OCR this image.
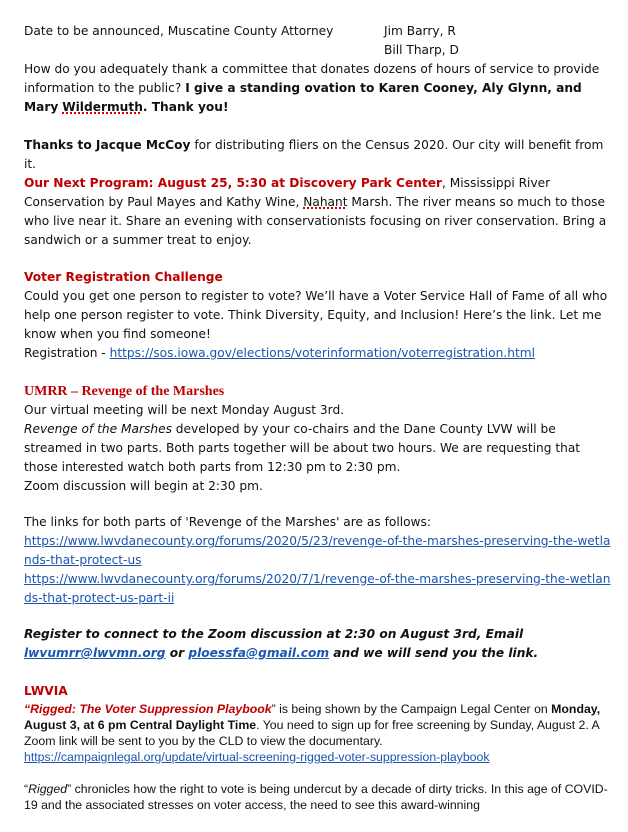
Date to be announced, Muscatine County Attorney	Jim Barry, R

Bill Tharp, D

How do you adequately thank a committee that donates dozens of hours of service to provide information to the public? I give a standing ovation to Karen Cooney, Aly Glynn, and Mary Wildermuth. Thank you!

Thanks to Jacque McCoy for distributing fliers on the Census 2020. Our city will benefit from it.

Our Next Program: August 25, 5:30 at Discovery Park Center, Mississippi River Conservation by Paul Mayes and Kathy Wine, Nahant Marsh. The river means so much to those who live near it. Share an evening with conservationists focusing on river conservation. Bring a sandwich or a summer treat to enjoy.

Voter Registration Challenge

Could you get one person to register to vote? We’ll have a Voter Service Hall of Fame of all who help one person register to vote. Think Diversity, Equity, and Inclusion! Here’s the link. Let me know when you find someone!

Registration - https://sos.iowa.gov/elections/voterinformation/voterregistration.html

UMRR – Revenge of the Marshes

Our virtual meeting will be next Monday August 3rd.

Revenge of the Marshes developed by your co-chairs and the Dane County LVW will be streamed in two parts. Both parts together will be about two hours. We are requesting that those interested watch both parts from 12:30 pm to 2:30 pm.

Zoom discussion will begin at 2:30 pm.

The links for both parts of 'Revenge of the Marshes' are as follows:

https://www.lwvdanecounty.org/forums/2020/5/23/revenge-of-the-marshes-preserving-the-wetlands-that-protect-us

https://www.lwvdanecounty.org/forums/2020/7/1/revenge-of-the-marshes-preserving-the-wetlands-that-protect-us-part-ii

Register to connect to the Zoom discussion at 2:30 on August 3rd, Email lwvumrr@lwvmn.org or ploessfa@gmail.com and we will send you the link.

LWVIA

“Rigged: The Voter Suppression Playbook” is being shown by the Campaign Legal Center on Monday, August 3, at 6 pm Central Daylight Time. You need to sign up for free screening by Sunday, August 2. A Zoom link will be sent to you by the CLD to view the documentary.

https://campaignlegal.org/update/virtual-screening-rigged-voter-suppression-playbook

“Rigged” chronicles how the right to vote is being undercut by a decade of dirty tricks. In this age of COVID-19 and the associated stresses on voter access, the need to see this award-winning
